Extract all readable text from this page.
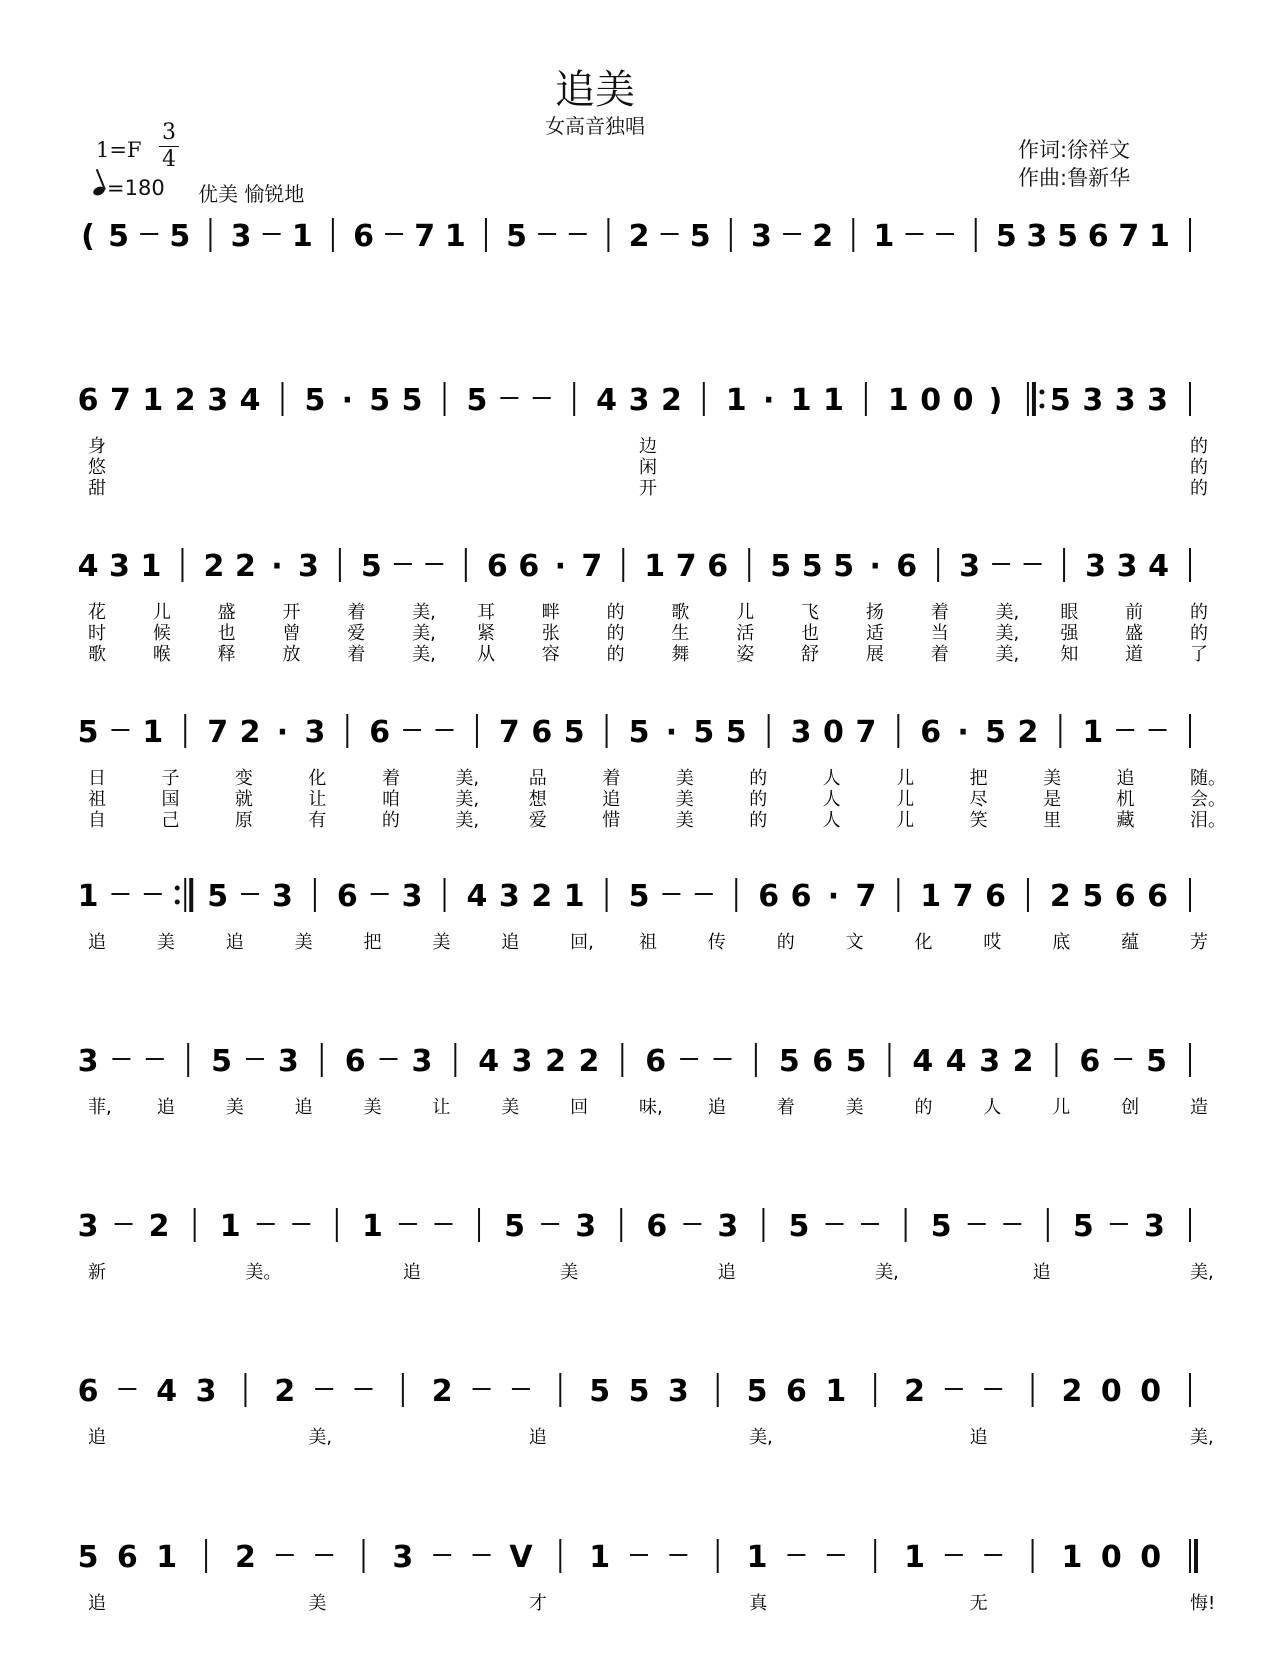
追美
女高音独唱
作词:徐祥文
作曲:鲁新华
1=F
3
4
=180 优美 愉锐地
( 5 5 3 1 6 7 1 5	2 5 3 2 1	5 3 5 6 7 1
6 7 1 2 3 4 5 · 5 5 5	4 3 2 1 · 1 1 1 0 0 ) 5 3 3 3
身	边	的
悠	闲	的
甜	开	的
4 3 1 2 2 · 3 5	6 6 · 7 1 7 6 5 5 5 · 6 3	3 3 4
花	儿	盛	开	着	美, 耳	畔	的	歌	儿	飞	扬	着	美, 眼	前	的
时	候	也	曾	爱	美, 紧	张	的	生	活	也	适	当	美, 强	盛	的
歌	喉	释	放	着	美, 从	容	的	舞	姿	舒	展	着	美, 知	道	了
5 1 7 2 · 3 6	7 6 5 5 · 5 5 3 0 7 6 · 5 2 1
日	子	变	化	着	美,	品	着	美	的	人	儿	把	美	追	随。
祖	国	就	让	咱	美,	想	追	美	的	人	儿	尽	是	机	会。
自	己	原	有	的	美,	爱	惜	美	的	人	儿	笑	里	藏	泪。
1	5 3 6 3 4 3 2 1 5	6 6 · 7 1 7 6 2 5 6 6
追	美	追	美	把	美	追	回,	祖	传	的	文	化	哎	底	蕴	芳
3	5 3 6 3 4 3 2 2 6	5 6 5 4 4 3 2 6 5
菲,	追	美	追	美	让	美	回	味,	追	着	美	的	人	儿	创	造
3 2 1	1	5 3 6 3 5	5	5 3
新	美。	追	美	追	美,	追	美,
6 4 3 2	2	5 5 3 5 6 1 2	2 0 0
追	美,	追	美,	追	美,
5 6 1 2	3	V 1	1	1	1 0 0
追	美	才	真	无	悔!
